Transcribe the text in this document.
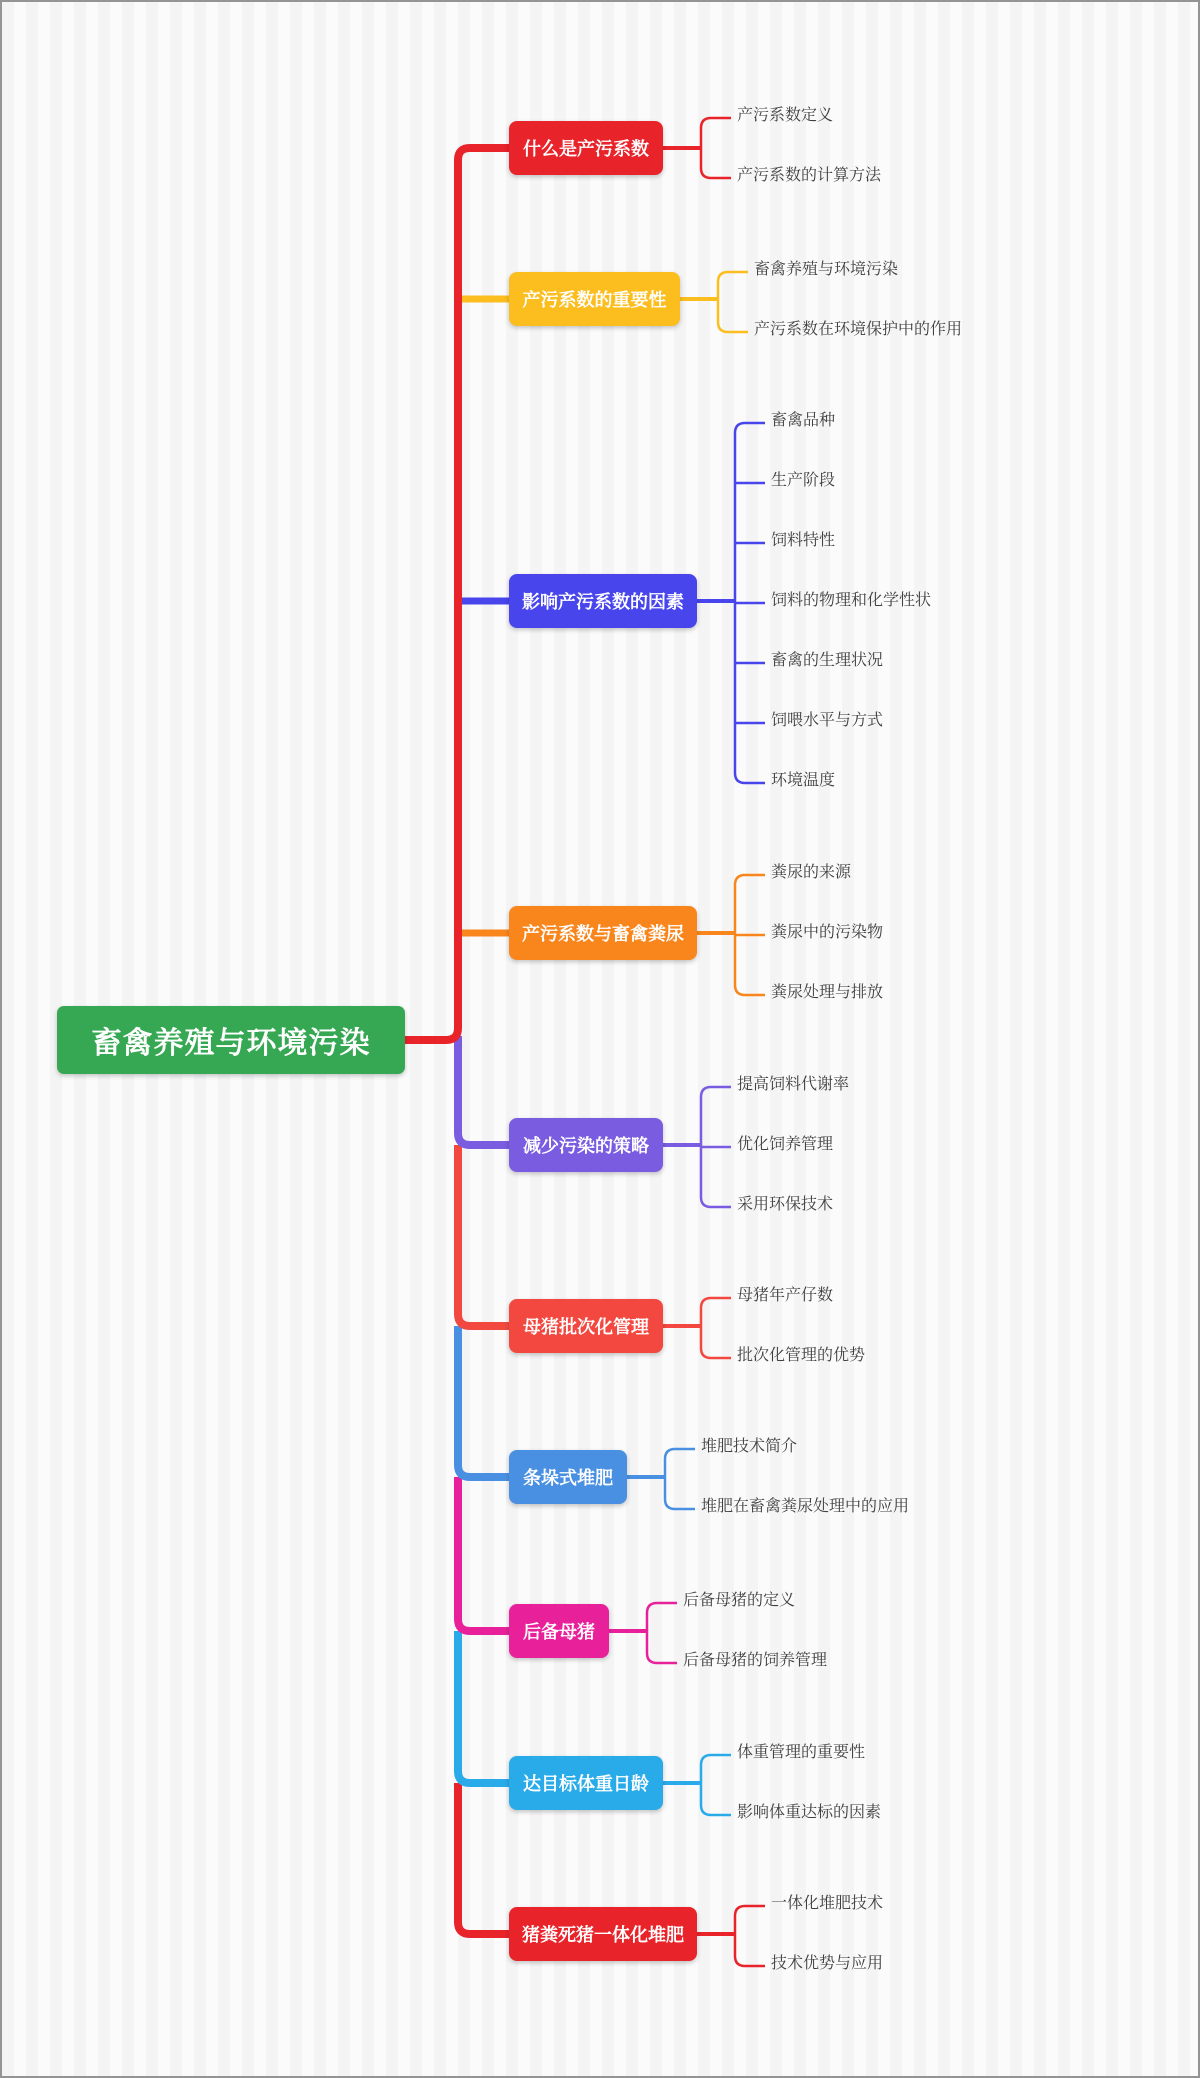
畜禽养殖与环境污染
什么是产污系数
产污系数的重要性
影响产污系数的因素
产污系数与畜禽粪尿
减少污染的策略
母猪批次化管理
条垛式堆肥
后备母猪
达目标体重日龄
猪粪死猪一体化堆肥
产污系数定义
产污系数的计算方法
畜禽养殖与环境污染
产污系数在环境保护中的作用
畜禽品种
生产阶段
饲料特性
饲料的物理和化学性状
畜禽的生理状况
饲喂水平与方式
环境温度
粪尿的来源
粪尿中的污染物
粪尿处理与排放
提高饲料代谢率
优化饲养管理
采用环保技术
母猪年产仔数
批次化管理的优势
堆肥技术简介
堆肥在畜禽粪尿处理中的应用
后备母猪的定义
后备母猪的饲养管理
体重管理的重要性
影响体重达标的因素
一体化堆肥技术
技术优势与应用
